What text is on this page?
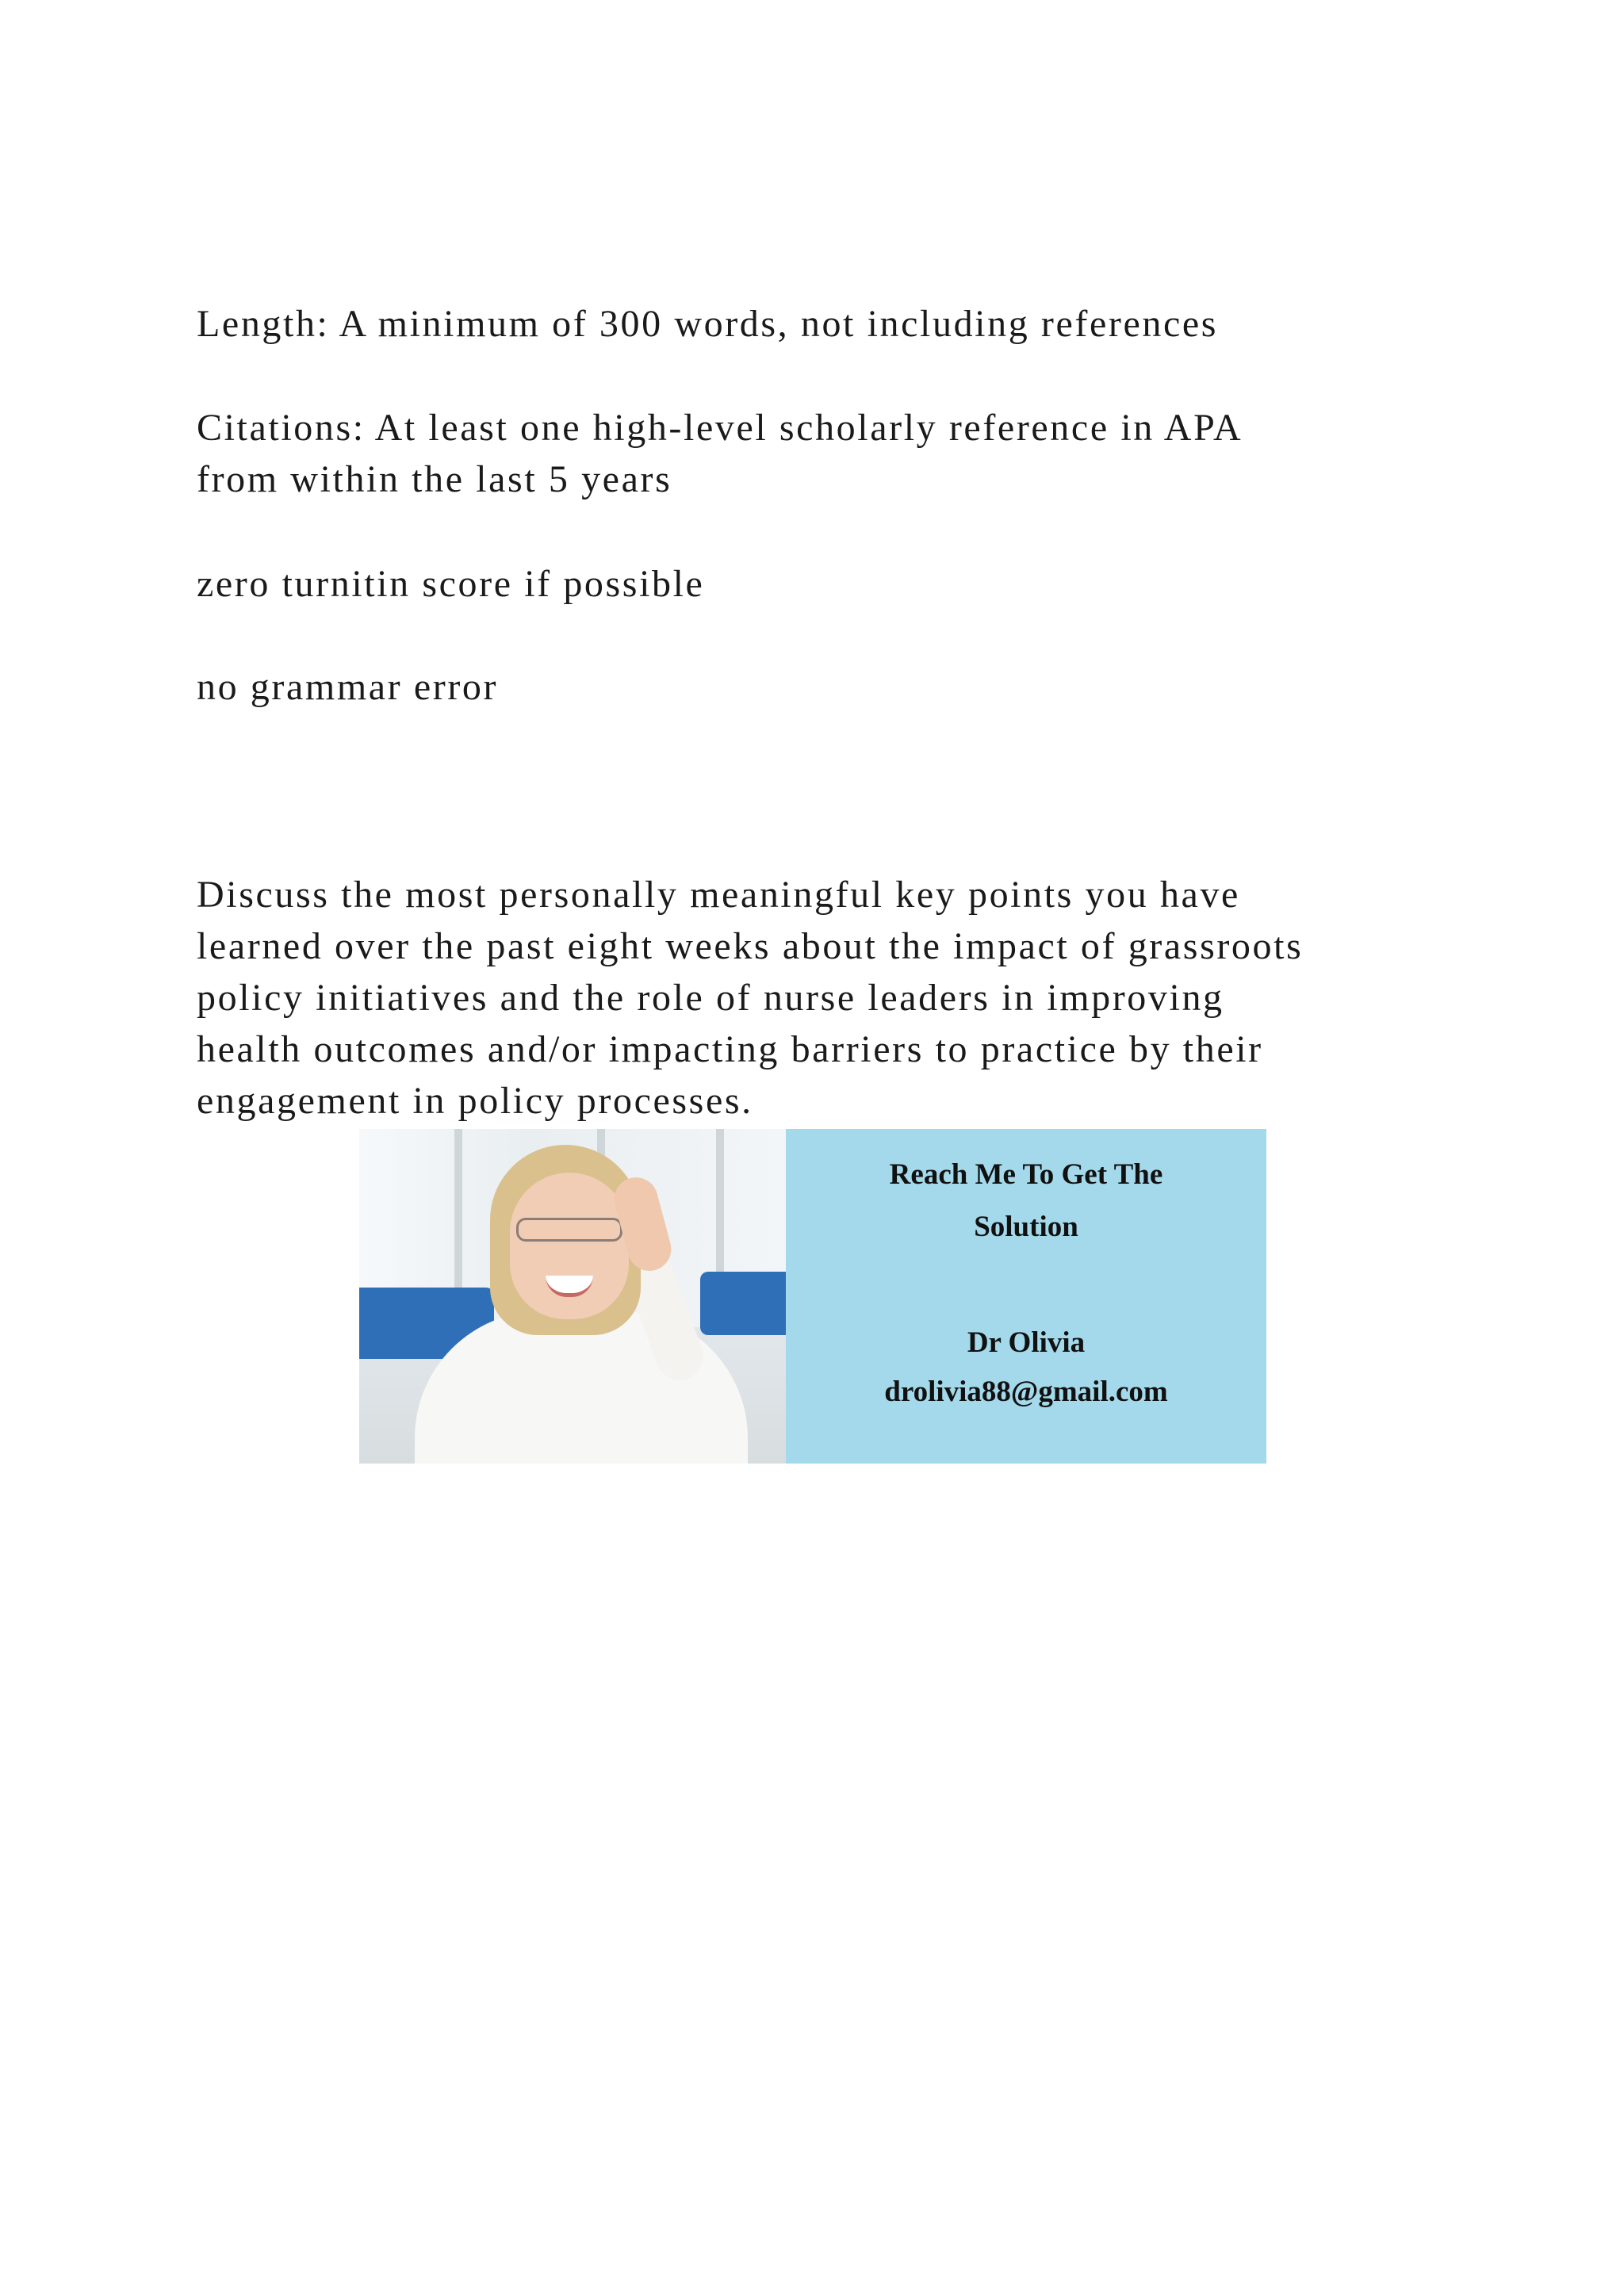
Length: A minimum of 300 words, not including references

Citations: At least one high-level scholarly reference in APA
from within the last 5 years

zero turnitin score if possible

no grammar error

Discuss the most personally meaningful key points you have
learned over the past eight weeks about the impact of grassroots
policy initiatives and the role of nurse leaders in improving
health outcomes and/or impacting barriers to practice by their
engagement in policy processes.
Reach Me To Get The
Solution
Dr Olivia
drolivia88@gmail.com
